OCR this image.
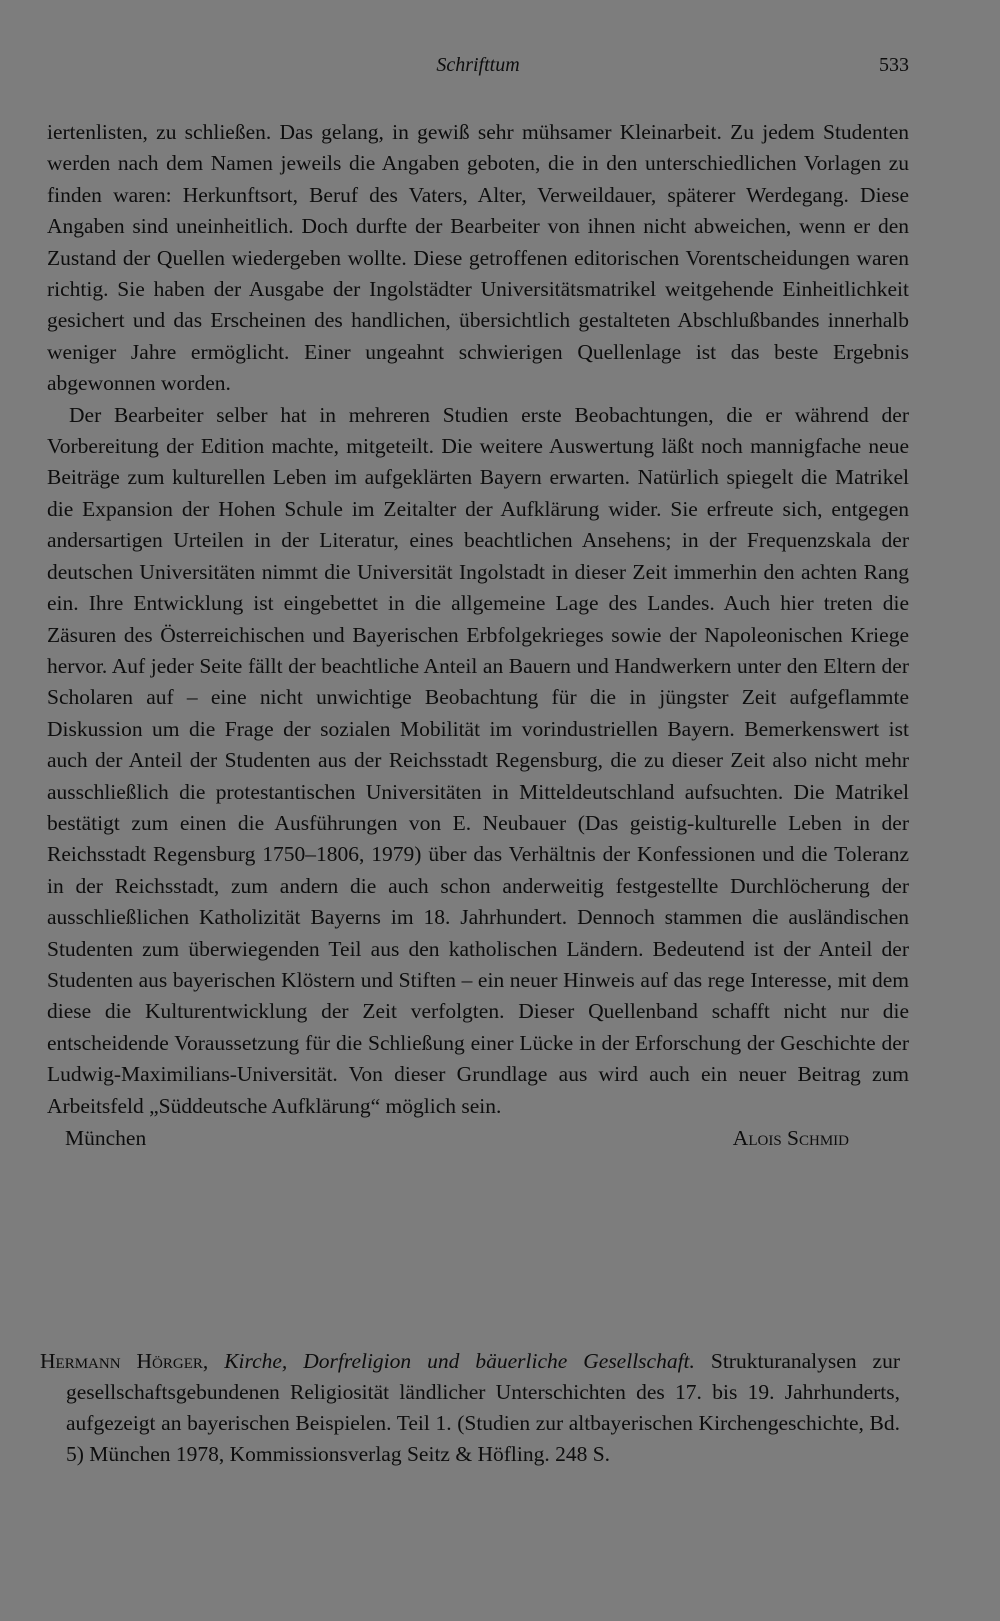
Schrifttum	533

iertenlisten, zu schließen. Das gelang, in gewiß sehr mühsamer Kleinarbeit. Zu jedem Studenten werden nach dem Namen jeweils die Angaben geboten, die in den unterschiedlichen Vorlagen zu finden waren: Herkunftsort, Beruf des Vaters, Alter, Verweildauer, späterer Werdegang. Diese Angaben sind uneinheitlich. Doch durfte der Bearbeiter von ihnen nicht abweichen, wenn er den Zustand der Quellen wiedergeben wollte. Diese getroffenen editorischen Vorentscheidungen waren richtig. Sie haben der Ausgabe der Ingolstädter Universitätsmatrikel weitgehende Einheitlichkeit gesichert und das Erscheinen des handlichen, übersichtlich gestalteten Abschlußbandes innerhalb weniger Jahre ermöglicht. Einer ungeahnt schwierigen Quellenlage ist das beste Ergebnis abgewonnen worden.

Der Bearbeiter selber hat in mehreren Studien erste Beobachtungen, die er während der Vorbereitung der Edition machte, mitgeteilt. Die weitere Auswertung läßt noch mannigfache neue Beiträge zum kulturellen Leben im aufgeklärten Bayern erwarten. Natürlich spiegelt die Matrikel die Expansion der Hohen Schule im Zeitalter der Aufklärung wider. Sie erfreute sich, entgegen andersartigen Urteilen in der Literatur, eines beachtlichen Ansehens; in der Frequenzskala der deutschen Universitäten nimmt die Universität Ingolstadt in dieser Zeit immerhin den achten Rang ein. Ihre Entwicklung ist eingebettet in die allgemeine Lage des Landes. Auch hier treten die Zäsuren des Österreichischen und Bayerischen Erbfolgekrieges sowie der Napoleonischen Kriege hervor. Auf jeder Seite fällt der beachtliche Anteil an Bauern und Handwerkern unter den Eltern der Scholaren auf – eine nicht unwichtige Beobachtung für die in jüngster Zeit aufgeflammte Diskussion um die Frage der sozialen Mobilität im vorindustriellen Bayern. Bemerkenswert ist auch der Anteil der Studenten aus der Reichsstadt Regensburg, die zu dieser Zeit also nicht mehr ausschließlich die protestantischen Universitäten in Mitteldeutschland aufsuchten. Die Matrikel bestätigt zum einen die Ausführungen von E. Neubauer (Das geistig-kulturelle Leben in der Reichsstadt Regensburg 1750–1806, 1979) über das Verhältnis der Konfessionen und die Toleranz in der Reichsstadt, zum andern die auch schon anderweitig festgestellte Durchlöcherung der ausschließlichen Katholizität Bayerns im 18. Jahrhundert. Dennoch stammen die ausländischen Studenten zum überwiegenden Teil aus den katholischen Ländern. Bedeutend ist der Anteil der Studenten aus bayerischen Klöstern und Stiften – ein neuer Hinweis auf das rege Interesse, mit dem diese die Kulturentwicklung der Zeit verfolgten. Dieser Quellenband schafft nicht nur die entscheidende Voraussetzung für die Schließung einer Lücke in der Erforschung der Geschichte der Ludwig-Maximilians-Universität. Von dieser Grundlage aus wird auch ein neuer Beitrag zum Arbeitsfeld „Süddeutsche Aufklärung“ möglich sein.

München	Alois Schmid

Hermann Hörger, Kirche, Dorfreligion und bäuerliche Gesellschaft. Strukturanalysen zur gesellschaftsgebundenen Religiosität ländlicher Unterschichten des 17. bis 19. Jahrhunderts, aufgezeigt an bayerischen Beispielen. Teil 1. (Studien zur altbayerischen Kirchengeschichte, Bd. 5) München 1978, Kommissionsverlag Seitz & Höfling. 248 S.
